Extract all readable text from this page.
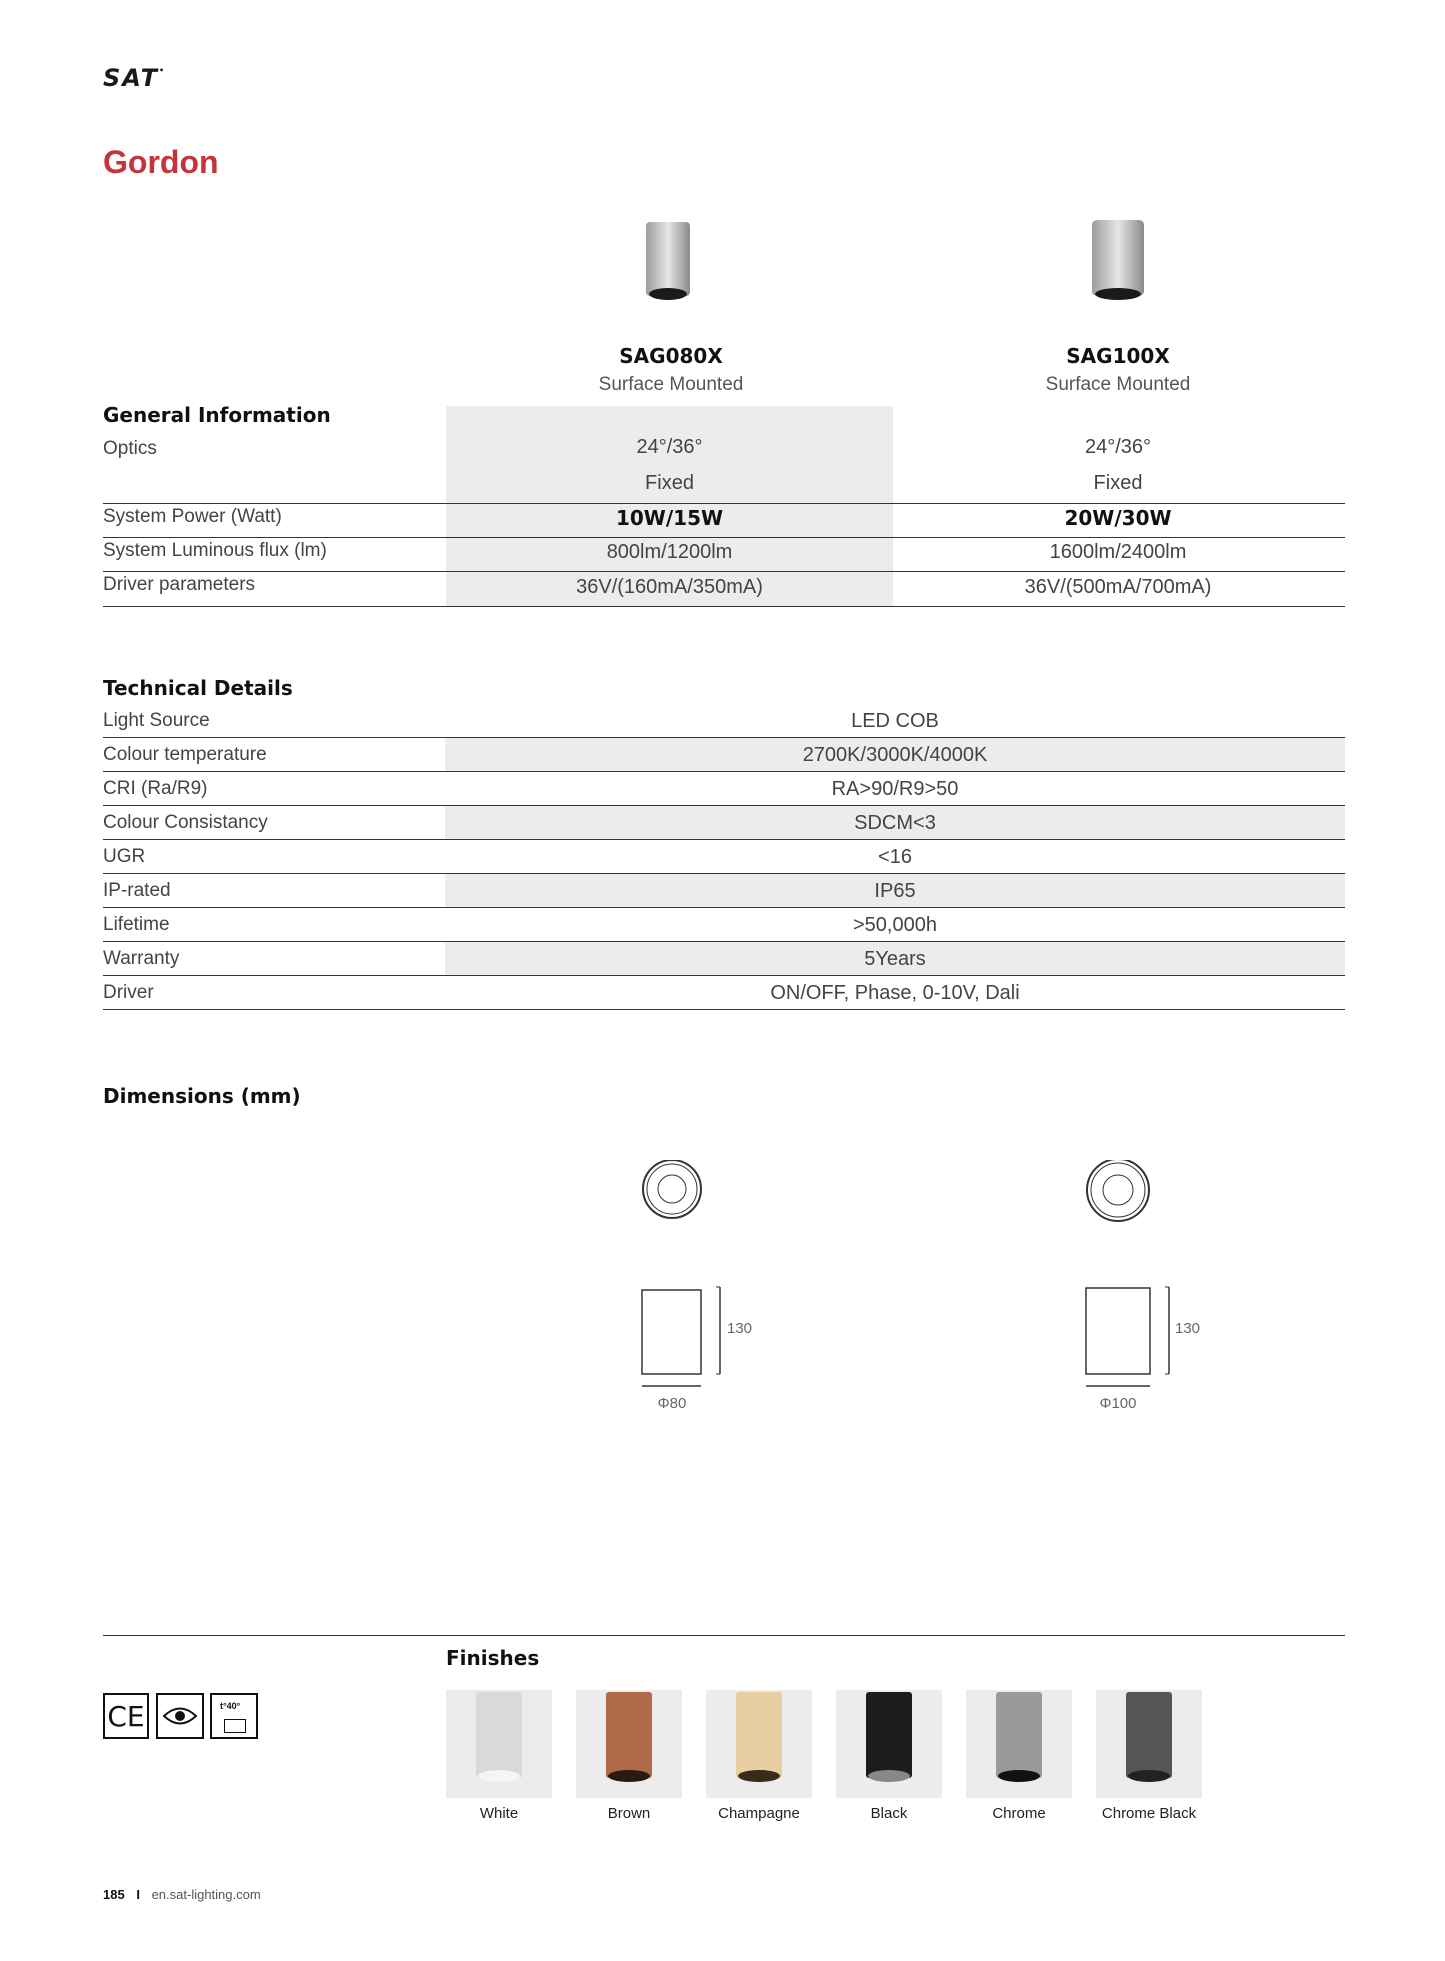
SAT•
Gordon
SAG080X
Surface Mounted
SAG100X
Surface Mounted
General Information
Optics	24°/36°	24°/36°
Fixed	Fixed
System Power (Watt)	10W/15W	20W/30W
System Luminous flux (lm)	800lm/1200lm	1600lm/2400lm
Driver parameters	36V/(160mA/350mA)	36V/(500mA/700mA)
Technical Details
Light Source	LED COB
Colour temperature	2700K/3000K/4000K
CRI (Ra/R9)	RA>90/R9>50
Colour Consistancy	SDCM<3
UGR	<16
IP-rated	IP65
Lifetime	>50,000h
Warranty	5Years
Driver	ON/OFF, Phase, 0-10V, Dali
Dimensions (mm)
130
Φ80
130
Φ100
Finishes
CE	t°40°
White	Brown	Champagne	Black	Chrome	Chrome Black
185 I en.sat-lighting.com
